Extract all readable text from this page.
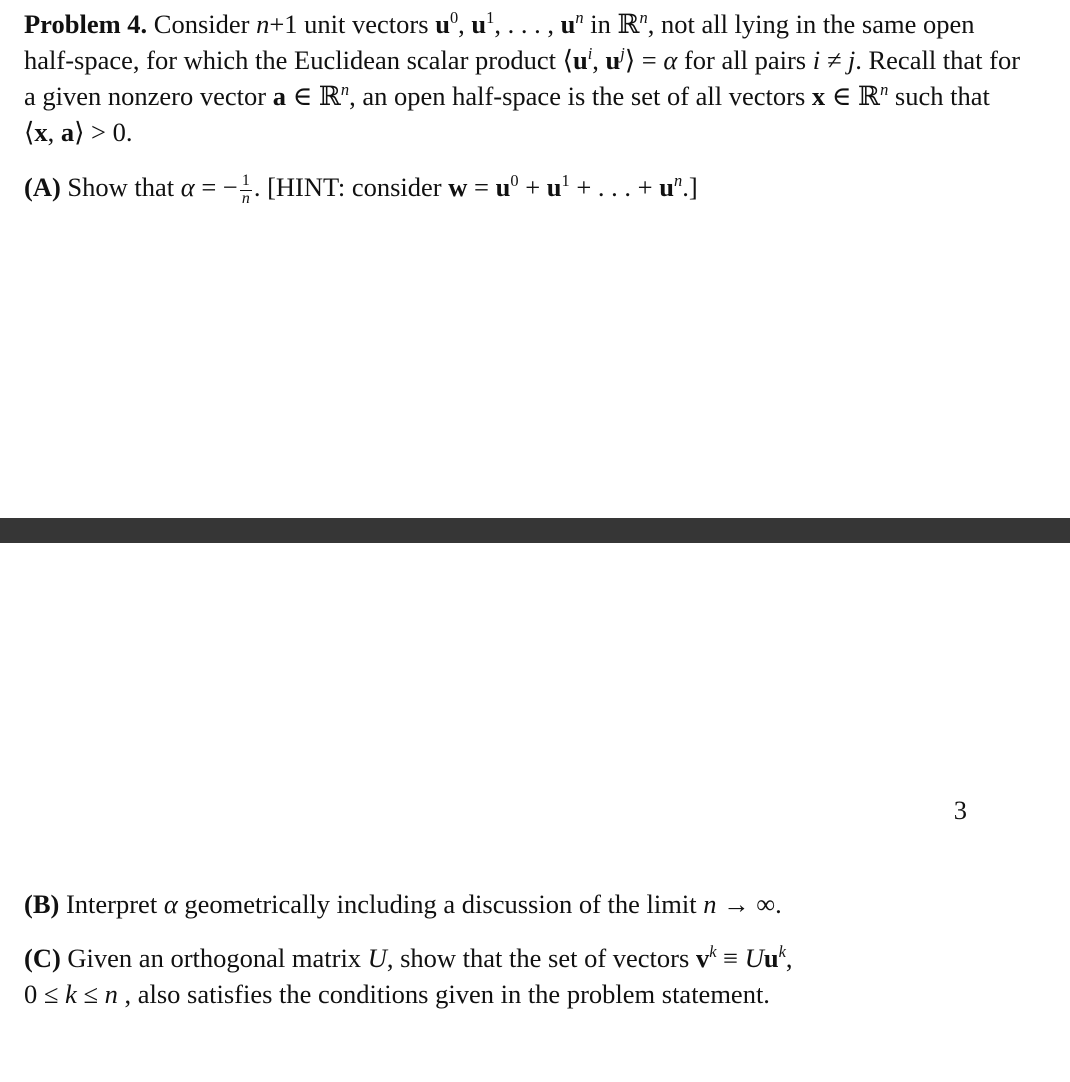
Problem 4. Consider n+1 unit vectors $u^0$, $u^1$, . . . , $u^n$ in ℝ$^n$, not all lying in the same open half-space, for which the Euclidean scalar product $⟨u^i$, $u^j⟩ = \alpha$ for all pairs i ≠ j. Recall that for a given nonzero vector a ∈ ℝ$^n$, an open half-space is the set of all vectors x ∈ ℝ$^n$ such that ⟨x, a⟩ > 0.

(A) Show that α = − $\frac{1}{n}$ . [HINT: consider $w = u^0 + u^1$ + . . . + $u^n$.]

3

(B) Interpret α geometrically including a discussion of the limit n → ∞.

(C) Given an orthogonal matrix U, show that the set of vectors $v^k \equiv Uu^k$,
0 ≤ k ≤ n , also satisfies the conditions given in the problem statement.
